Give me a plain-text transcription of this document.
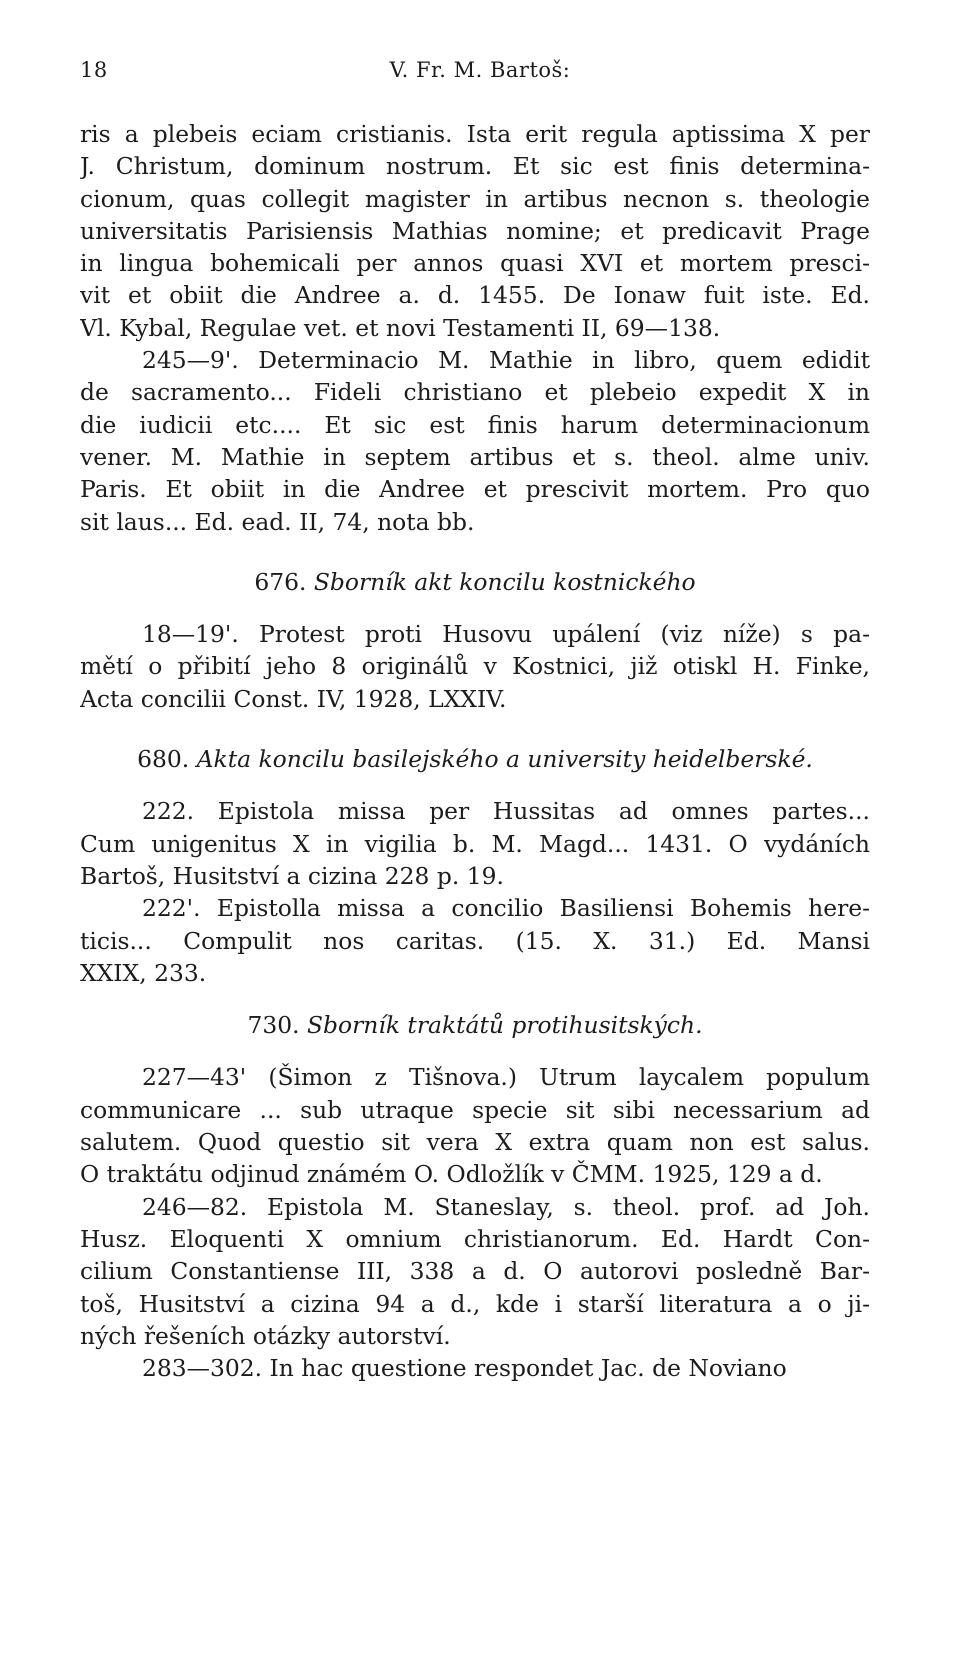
18	V. Fr. M. Bartoš:
ris a plebeis eciam cristianis. Ista erit regula aptissima X per
J. Christum, dominum nostrum. Et sic est finis determina-
cionum, quas collegit magister in artibus necnon s. theologie
universitatis Parisiensis Mathias nomine; et predicavit Prage
in lingua bohemicali per annos quasi XVI et mortem presci-
vit et obiit die Andree a. d. 1455. De Ionaw fuit iste. Ed.
Vl. Kybal, Regulae vet. et novi Testamenti II, 69—138.
245—9'. Determinacio M. Mathie in libro, quem edidit
de sacramento... Fideli christiano et plebeio expedit X in
die iudicii etc.... Et sic est finis harum determinacionum
vener. M. Mathie in septem artibus et s. theol. alme univ.
Paris. Et obiit in die Andree et prescivit mortem. Pro quo
sit laus... Ed. ead. II, 74, nota bb.
676. Sborník akt koncilu kostnického
18—19'. Protest proti Husovu upálení (viz níže) s pa-
mětí o přibití jeho 8 originálů v Kostnici, již otiskl H. Finke,
Acta concilii Const. IV, 1928, LXXIV.
680. Akta koncilu basilejského a university heidelberské.
222. Epistola missa per Hussitas ad omnes partes...
Cum unigenitus X in vigilia b. M. Magd... 1431. O vydáních
Bartoš, Husitství a cizina 228 p. 19.
222'. Epistolla missa a concilio Basiliensi Bohemis here-
ticis... Compulit nos caritas. (15. X. 31.) Ed. Mansi
XXIX, 233.
730. Sborník traktátů protihusitských.
227—43' (Šimon z Tišnova.) Utrum laycalem populum
communicare ... sub utraque specie sit sibi necessarium ad
salutem. Quod questio sit vera X extra quam non est salus.
O traktátu odjinud známém O. Odložlík v ČMM. 1925, 129 a d.
246—82. Epistola M. Staneslay, s. theol. prof. ad Joh.
Husz. Eloquenti X omnium christianorum. Ed. Hardt Con-
cilium Constantiense III, 338 a d. O autorovi posledně Bar-
toš, Husitství a cizina 94 a d., kde i starší literatura a o ji-
ných řešeních otázky autorství.
283—302. In hac questione respondet Jac. de Noviano
